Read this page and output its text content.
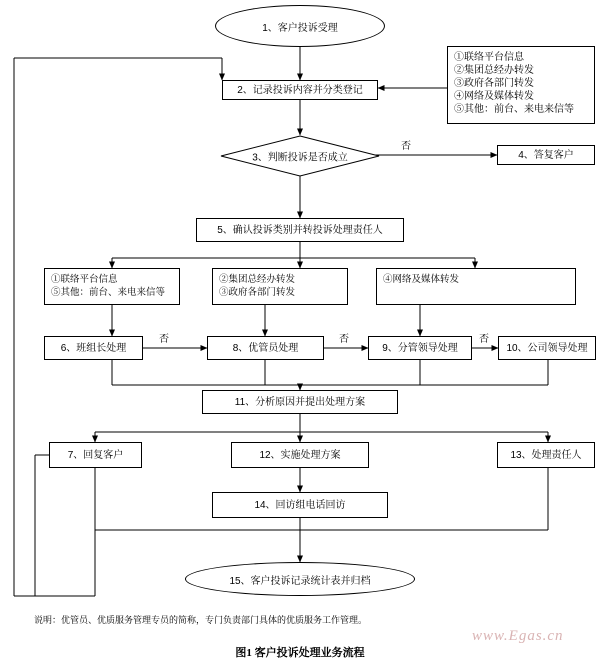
1、客户投诉受理
①联络平台信息
②集团总经办转发
③政府各部门转发
④网络及媒体转发
⑤其他：前台、来电来信等
2、记录投诉内容并分类登记
3、判断投诉是否成立	4、答复客户
5、确认投诉类别并转投诉处理责任人
①联络平台信息
⑤其他：前台、来电来信等
②集团总经办转发
③政府各部门转发
④网络及媒体转发
6、班组长处理	8、优管员处理	9、分管领导处理	10、公司领导处理
否
否	否	否
11、分析原因并提出处理方案
7、回复客户	12、实施处理方案	13、处理责任人
14、回访组电话回访
15、客户投诉记录统计表并归档
说明：优管员、优质服务管理专员的简称，专门负责部门具体的优质服务工作管理。
www.Egas.cn
图1 客户投诉处理业务流程
